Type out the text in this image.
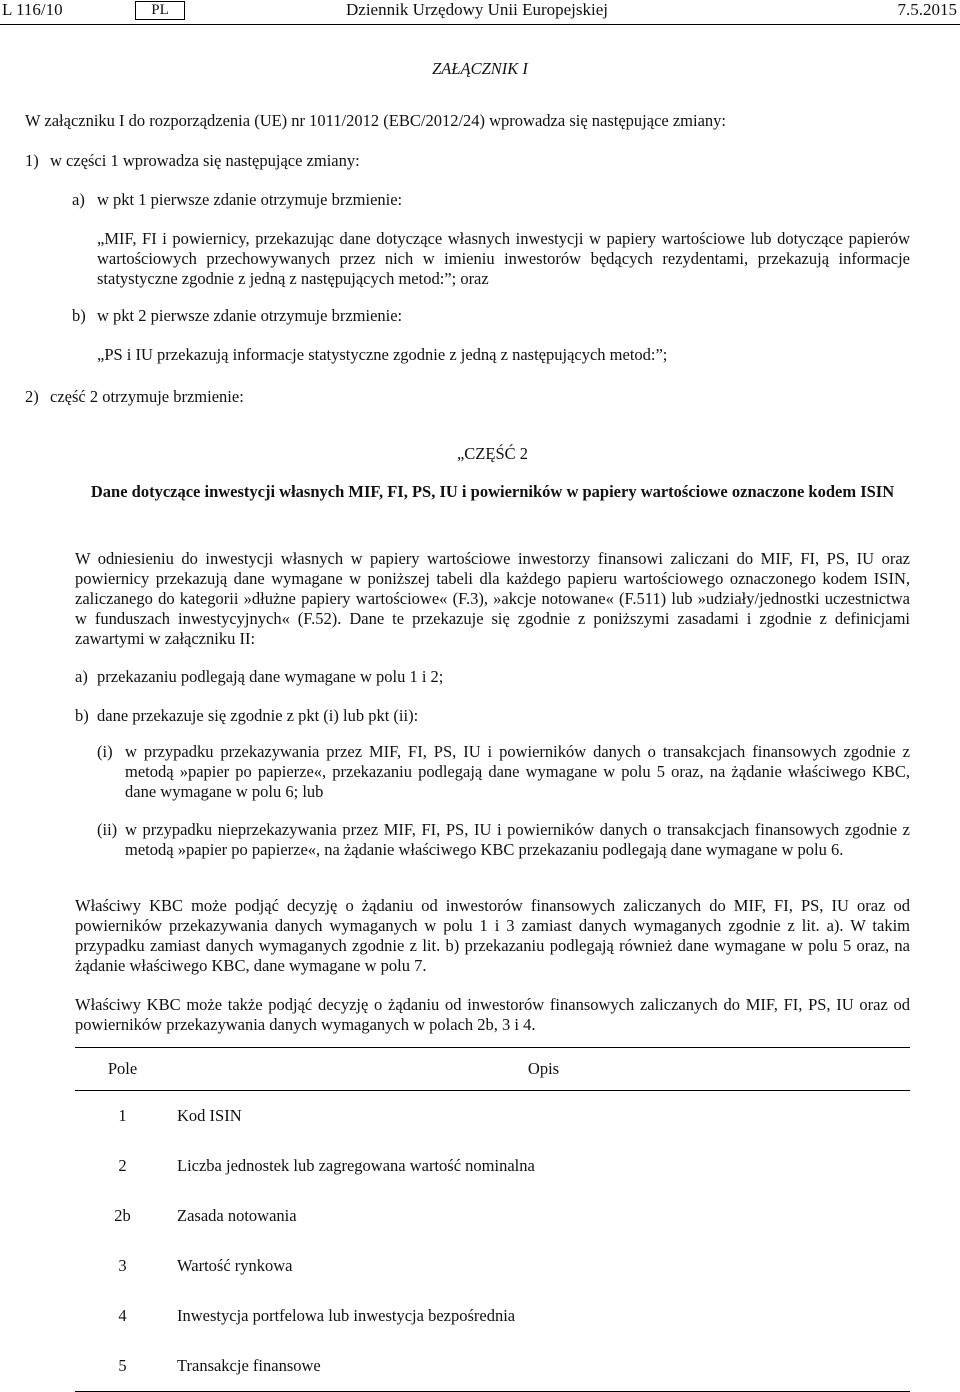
L 116/10	PL	Dziennik Urzędowy Unii Europejskiej	7.5.2015
ZAŁĄCZNIK I
W załączniku I do rozporządzenia (UE) nr 1011/2012 (EBC/2012/24) wprowadza się następujące zmiany:
1) w części 1 wprowadza się następujące zmiany:
a) w pkt 1 pierwsze zdanie otrzymuje brzmienie:
„MIF, FI i powiernicy, przekazując dane dotyczące własnych inwestycji w papiery wartościowe lub dotyczące papierów wartościowych przechowywanych przez nich w imieniu inwestorów będących rezydentami, przekazują informacje statystyczne zgodnie z jedną z następujących metod:”; oraz
b) w pkt 2 pierwsze zdanie otrzymuje brzmienie:
„PS i IU przekazują informacje statystyczne zgodnie z jedną z następujących metod:”;
2) część 2 otrzymuje brzmienie:
„CZĘŚĆ 2
Dane dotyczące inwestycji własnych MIF, FI, PS, IU i powierników w papiery wartościowe oznaczone kodem ISIN
W odniesieniu do inwestycji własnych w papiery wartościowe inwestorzy finansowi zaliczani do MIF, FI, PS, IU oraz powiernicy przekazują dane wymagane w poniższej tabeli dla każdego papieru wartościowego oznaczonego kodem ISIN, zaliczanego do kategorii »dłużne papiery wartościowe« (F.3), »akcje notowane« (F.511) lub »udziały/jednostki uczestnictwa w funduszach inwestycyjnych« (F.52). Dane te przekazuje się zgodnie z poniższymi zasadami i zgodnie z definicjami zawartymi w załączniku II:
a) przekazaniu podlegają dane wymagane w polu 1 i 2;
b) dane przekazuje się zgodnie z pkt (i) lub pkt (ii):
(i) w przypadku przekazywania przez MIF, FI, PS, IU i powierników danych o transakcjach finansowych zgodnie z metodą »papier po papierze«, przekazaniu podlegają dane wymagane w polu 5 oraz, na żądanie właściwego KBC, dane wymagane w polu 6; lub
(ii) w przypadku nieprzekazywania przez MIF, FI, PS, IU i powierników danych o transakcjach finansowych zgodnie z metodą »papier po papierze«, na żądanie właściwego KBC przekazaniu podlegają dane wymagane w polu 6.
Właściwy KBC może podjąć decyzję o żądaniu od inwestorów finansowych zaliczanych do MIF, FI, PS, IU oraz od powierników przekazywania danych wymaganych w polu 1 i 3 zamiast danych wymaganych zgodnie z lit. a). W takim przypadku zamiast danych wymaganych zgodnie z lit. b) przekazaniu podlegają również dane wymagane w polu 5 oraz, na żądanie właściwego KBC, dane wymagane w polu 7.
Właściwy KBC może także podjąć decyzję o żądaniu od inwestorów finansowych zaliczanych do MIF, FI, PS, IU oraz od powierników przekazywania danych wymaganych w polach 2b, 3 i 4.
Pole	Opis
1	Kod ISIN
2	Liczba jednostek lub zagregowana wartość nominalna
2b	Zasada notowania
3	Wartość rynkowa
4	Inwestycja portfelowa lub inwestycja bezpośrednia
5	Transakcje finansowe
